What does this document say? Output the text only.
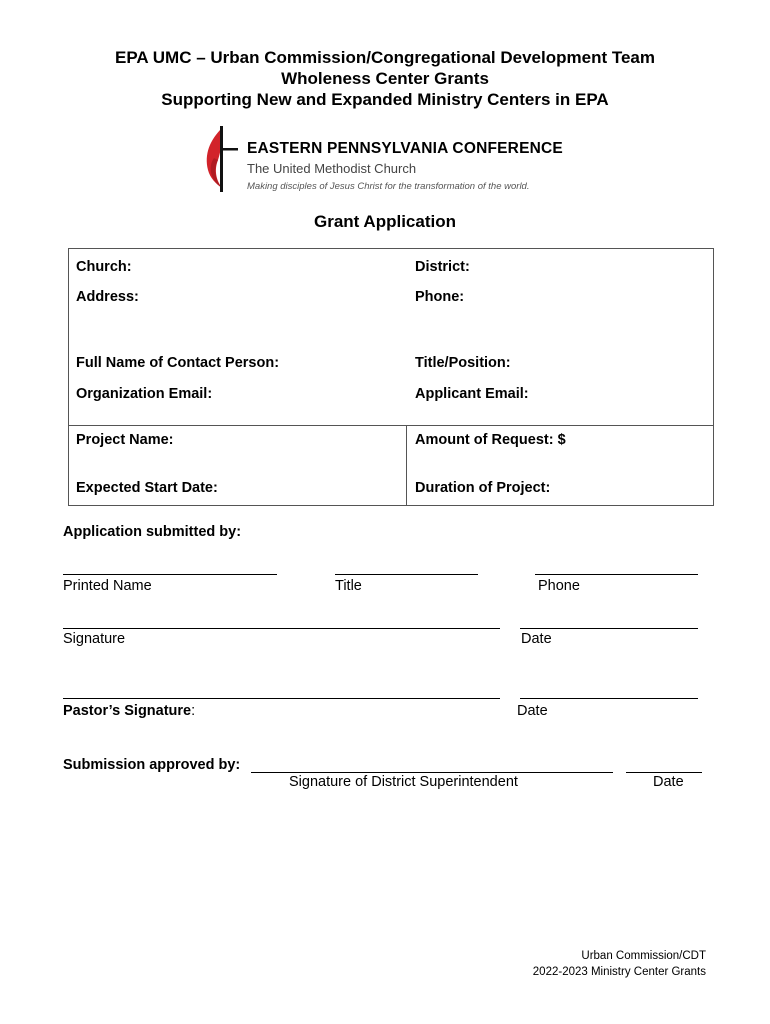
EPA UMC – Urban Commission/Congregational Development Team
Wholeness Center Grants
Supporting New and Expanded Ministry Centers in EPA
EASTERN PENNSYLVANIA CONFERENCE
The United Methodist Church
Making disciples of Jesus Christ for the transformation of the world.
Grant Application
Church:	District:
Address:	Phone:
Full Name of Contact Person:	Title/Position:
Organization Email:	Applicant Email:
Project Name:	Amount of Request: $
Expected Start Date:	Duration of Project:
Application submitted by:
Printed Name	Title	Phone
Signature	Date
Pastor’s Signature:	Date
Submission approved by:
Signature of District Superintendent	Date
Urban Commission/CDT
2022-2023 Ministry Center Grants
